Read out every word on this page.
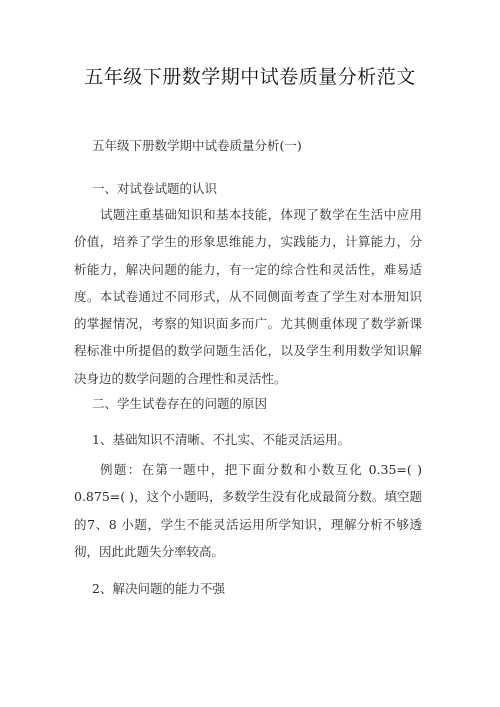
五年级下册数学期中试卷质量分析范文

五年级下册数学期中试卷质量分析(一)

一、对试卷试题的认识

试题注重基础知识和基本技能，体现了数学在生活中应用价值，培养了学生的形象思维能力，实践能力，计算能力，分析能力，解决问题的能力，有一定的综合性和灵活性，难易适度。本试卷通过不同形式，从不同侧面考查了学生对本册知识的掌握情况，考察的知识面多而广。尤其侧重体现了数学新课程标准中所提倡的数学问题生活化，以及学生利用数学知识解决身边的数学问题的合理性和灵活性。

二、学生试卷存在的问题的原因

1、基础知识不清晰、不扎实、不能灵活运用。

例题：在第一题中，把下面分数和小数互化 0.35=( ) 0.875=( )，这个小题吗，多数学生没有化成最简分数。填空题的7、8 小题，学生不能灵活运用所学知识，理解分析不够透彻，因此此题失分率较高。

2、解决问题的能力不强
